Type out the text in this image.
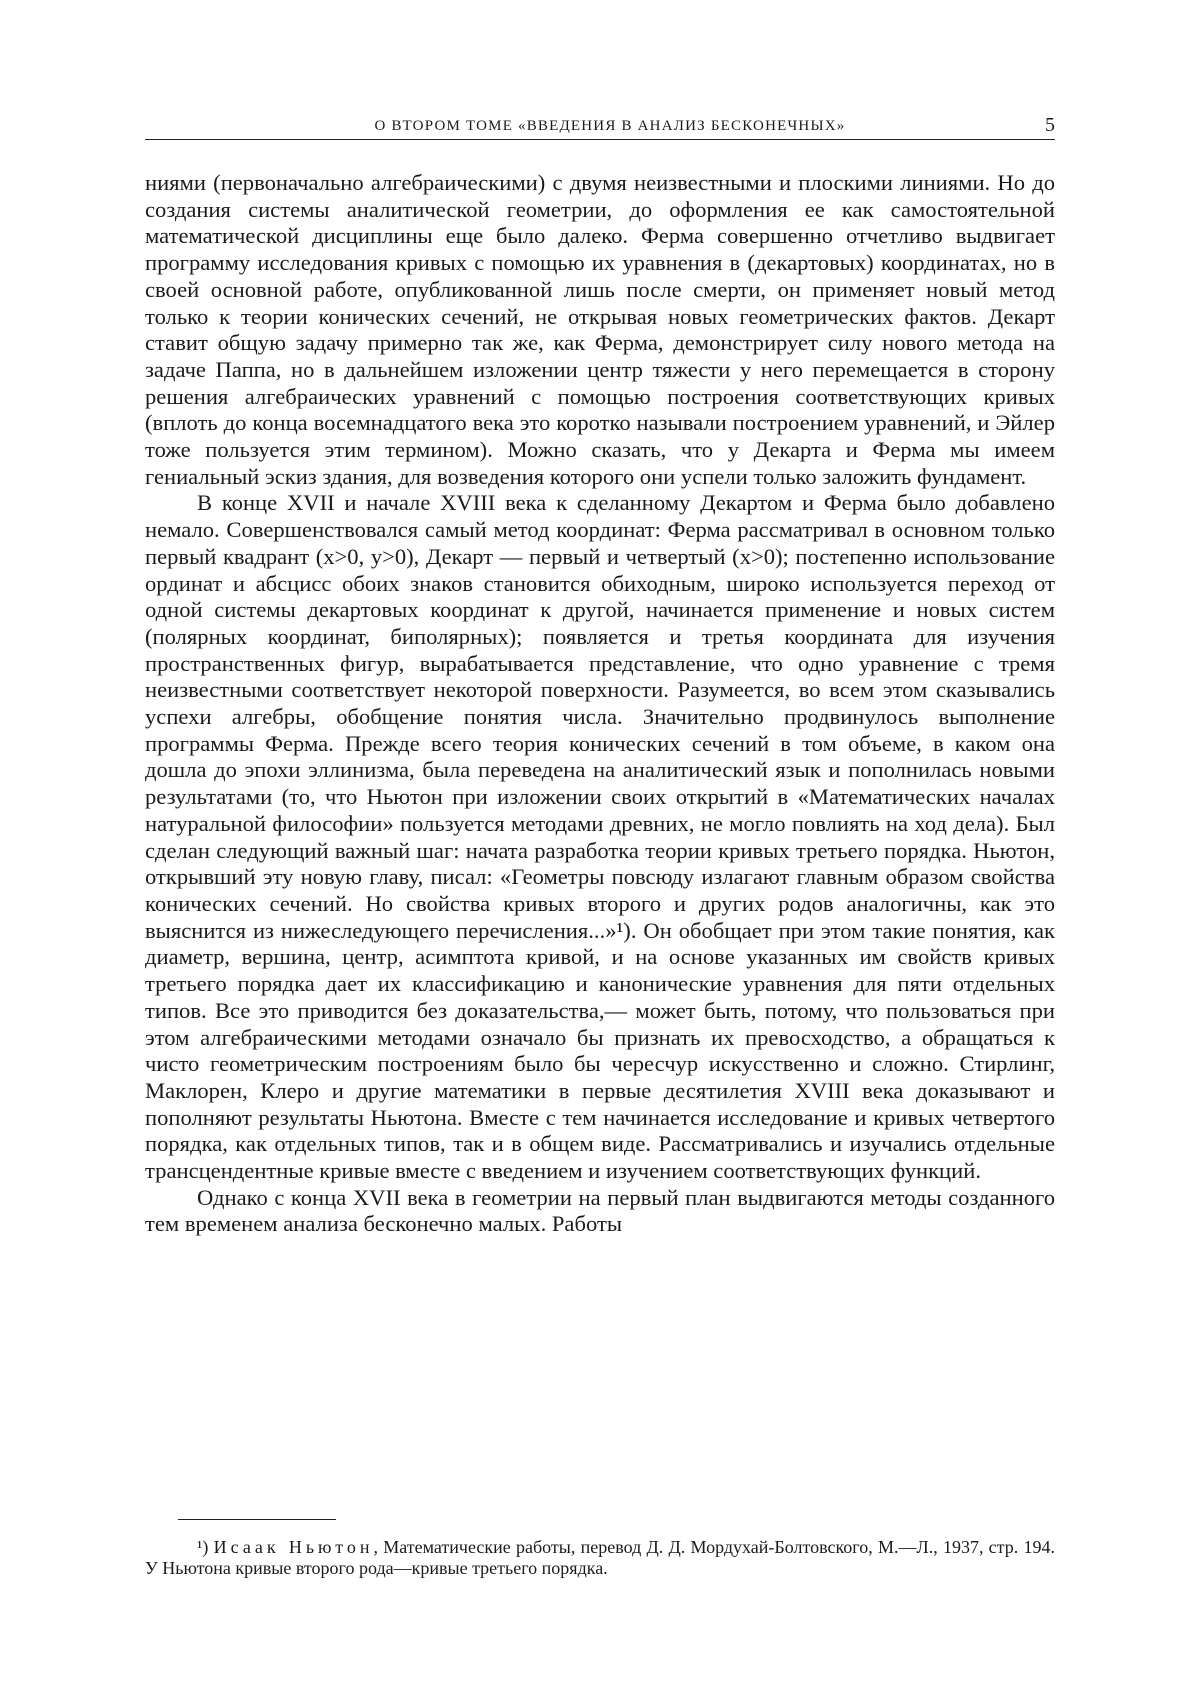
О ВТОРОМ ТОМЕ «ВВЕДЕНИЯ В АНАЛИЗ БЕСКОНЕЧНЫХ»	5

ниями (первоначально алгебраическими) с двумя неизвестными и плоскими линиями. Но до создания системы аналитической геометрии, до оформления ее как самостоятельной математической дисциплины еще было далеко. Ферма совершенно отчетливо выдвигает программу исследования кривых с помощью их уравнения в (декартовых) координатах, но в своей основной работе, опубликованной лишь после смерти, он применяет новый метод только к теории конических сечений, не открывая новых геометрических фактов. Декарт ставит общую задачу примерно так же, как Ферма, демонстрирует силу нового метода на задаче Паппа, но в дальнейшем изложении центр тяжести у него перемещается в сторону решения алгебраических уравнений с помощью построения соответствующих кривых (вплоть до конца восемнадцатого века это коротко называли построением уравнений, и Эйлер тоже пользуется этим термином). Можно сказать, что у Декарта и Ферма мы имеем гениальный эскиз здания, для возведения которого они успели только заложить фундамент.

В конце XVII и начале XVIII века к сделанному Декартом и Ферма было добавлено немало. Совершенствовался самый метод координат: Ферма рассматривал в основном только первый квадрант (x>0, y>0), Декарт — первый и четвертый (x>0); постепенно использование ординат и абсцисс обоих знаков становится обиходным, широко используется переход от одной системы декартовых координат к другой, начинается применение и новых систем (полярных координат, биполярных); появляется и третья координата для изучения пространственных фигур, вырабатывается представление, что одно уравнение с тремя неизвестными соответствует некоторой поверхности. Разумеется, во всем этом сказывались успехи алгебры, обобщение понятия числа. Значительно продвинулось выполнение программы Ферма. Прежде всего теория конических сечений в том объеме, в каком она дошла до эпохи эллинизма, была переведена на аналитический язык и пополнилась новыми результатами (то, что Ньютон при изложении своих открытий в «Математических началах натуральной философии» пользуется методами древних, не могло повлиять на ход дела). Был сделан следующий важный шаг: начата разработка теории кривых третьего порядка. Ньютон, открывший эту новую главу, писал: «Геометры повсюду излагают главным образом свойства конических сечений. Но свойства кривых второго и других родов аналогичны, как это выяснится из нижеследующего перечисления...»¹). Он обобщает при этом такие понятия, как диаметр, вершина, центр, асимптота кривой, и на основе указанных им свойств кривых третьего порядка дает их классификацию и канонические уравнения для пяти отдельных типов. Все это приводится без доказательства,— может быть, потому, что пользоваться при этом алгебраическими методами означало бы признать их превосходство, а обращаться к чисто геометрическим построениям было бы чересчур искусственно и сложно. Стирлинг, Маклорен, Клеро и другие математики в первые десятилетия XVIII века доказывают и пополняют результаты Ньютона. Вместе с тем начинается исследование и кривых четвертого порядка, как отдельных типов, так и в общем виде. Рассматривались и изучались отдельные трансцендентные кривые вместе с введением и изучением соответствующих функций.

Однако с конца XVII века в геометрии на первый план выдвигаются методы созданного тем временем анализа бесконечно малых. Работы

¹) Исаак Ньютон, Математические работы, перевод Д. Д. Мордухай-Болтовского, М.—Л., 1937, стр. 194. У Ньютона кривые второго рода—кривые третьего порядка.
